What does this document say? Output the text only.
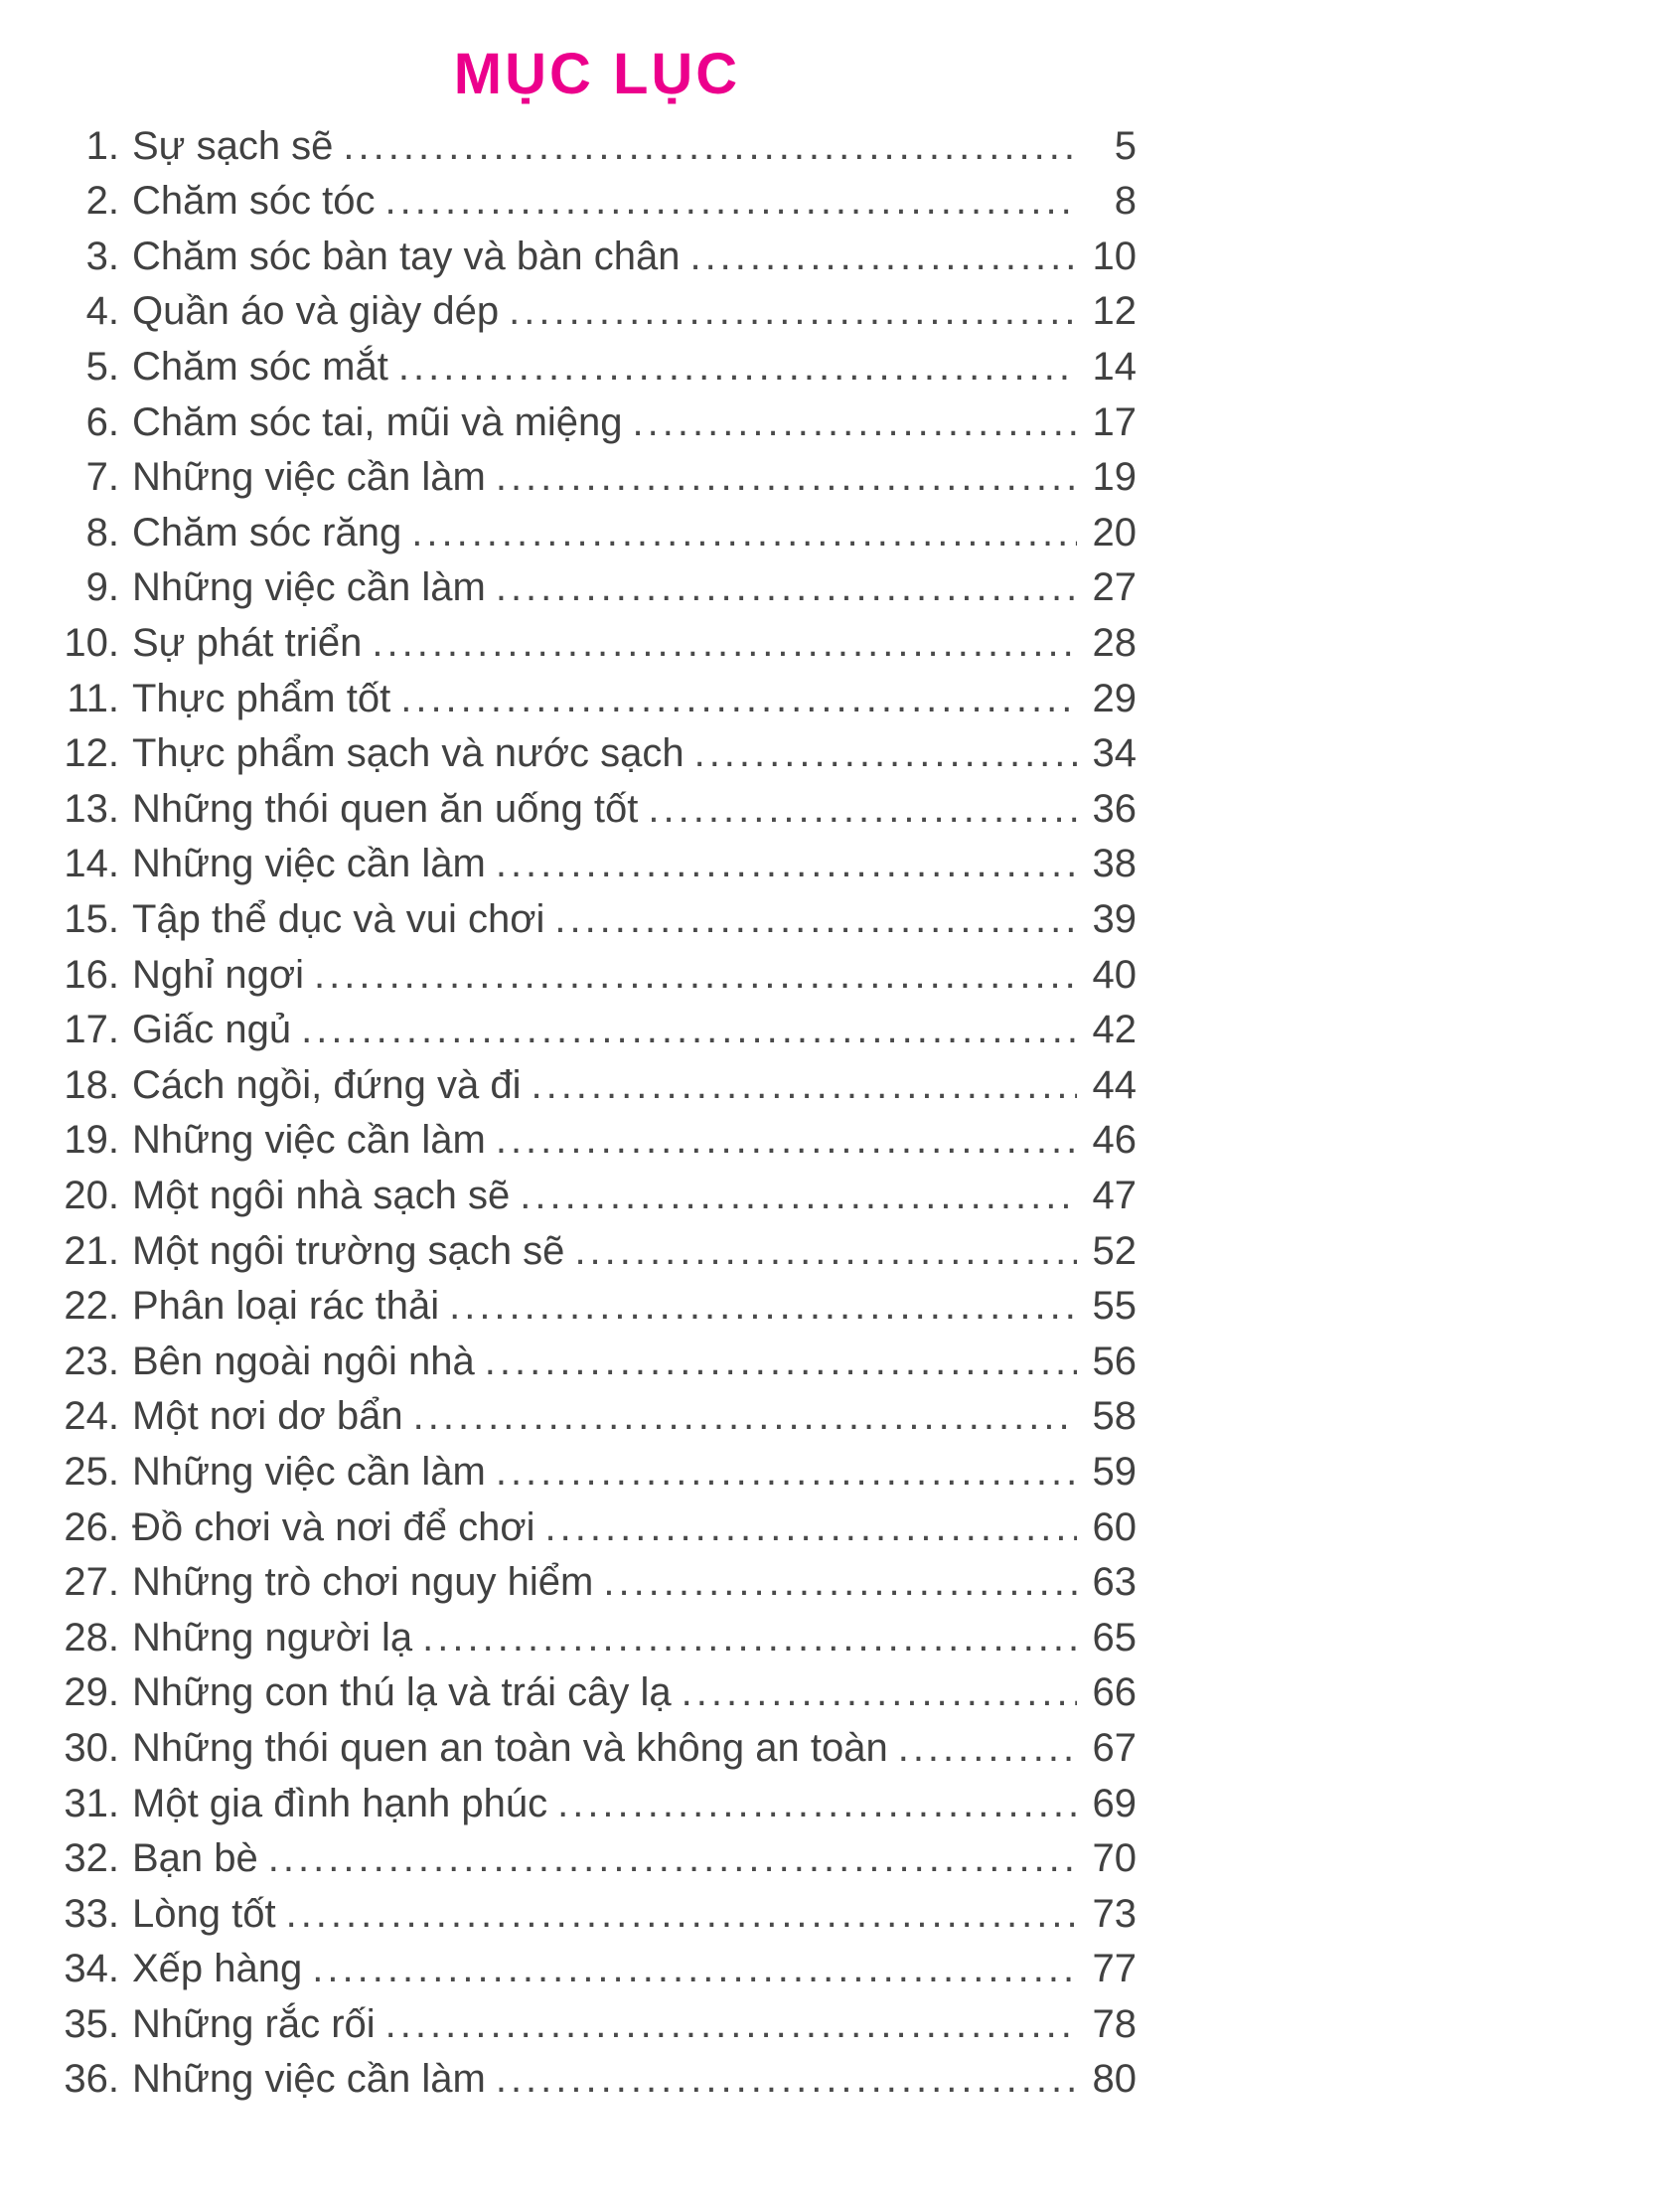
MỤC LỤC
1. Sự sạch sẽ .....	5
2. Chăm sóc tóc .....	8
3. Chăm sóc bàn tay và bàn chân .....	10
4. Quần áo và giày dép .....	12
5. Chăm sóc mắt .....	14
6. Chăm sóc tai, mũi và miệng .....	17
7. Những việc cần làm .....	19
8. Chăm sóc răng .....	20
9. Những việc cần làm .....	27
10. Sự phát triển .....	28
11. Thực phẩm tốt .....	29
12. Thực phẩm sạch và nước sạch .....	34
13. Những thói quen ăn uống tốt .....	36
14. Những việc cần làm .....	38
15. Tập thể dục và vui chơi .....	39
16. Nghỉ ngơi .....	40
17. Giấc ngủ .....	42
18. Cách ngồi, đứng và đi .....	44
19. Những việc cần làm .....	46
20. Một ngôi nhà sạch sẽ .....	47
21. Một ngôi trường sạch sẽ .....	52
22. Phân loại rác thải .....	55
23. Bên ngoài ngôi nhà .....	56
24. Một nơi dơ bẩn .....	58
25. Những việc cần làm .....	59
26. Đồ chơi và nơi để chơi .....	60
27. Những trò chơi nguy hiểm .....	63
28. Những người lạ .....	65
29. Những con thú lạ và trái cây lạ .....	66
30. Những thói quen an toàn và không an toàn .....	67
31. Một gia đình hạnh phúc .....	69
32. Bạn bè .....	70
33. Lòng tốt .....	73
34. Xếp hàng .....	77
35. Những rắc rối .....	78
36. Những việc cần làm .....	80
